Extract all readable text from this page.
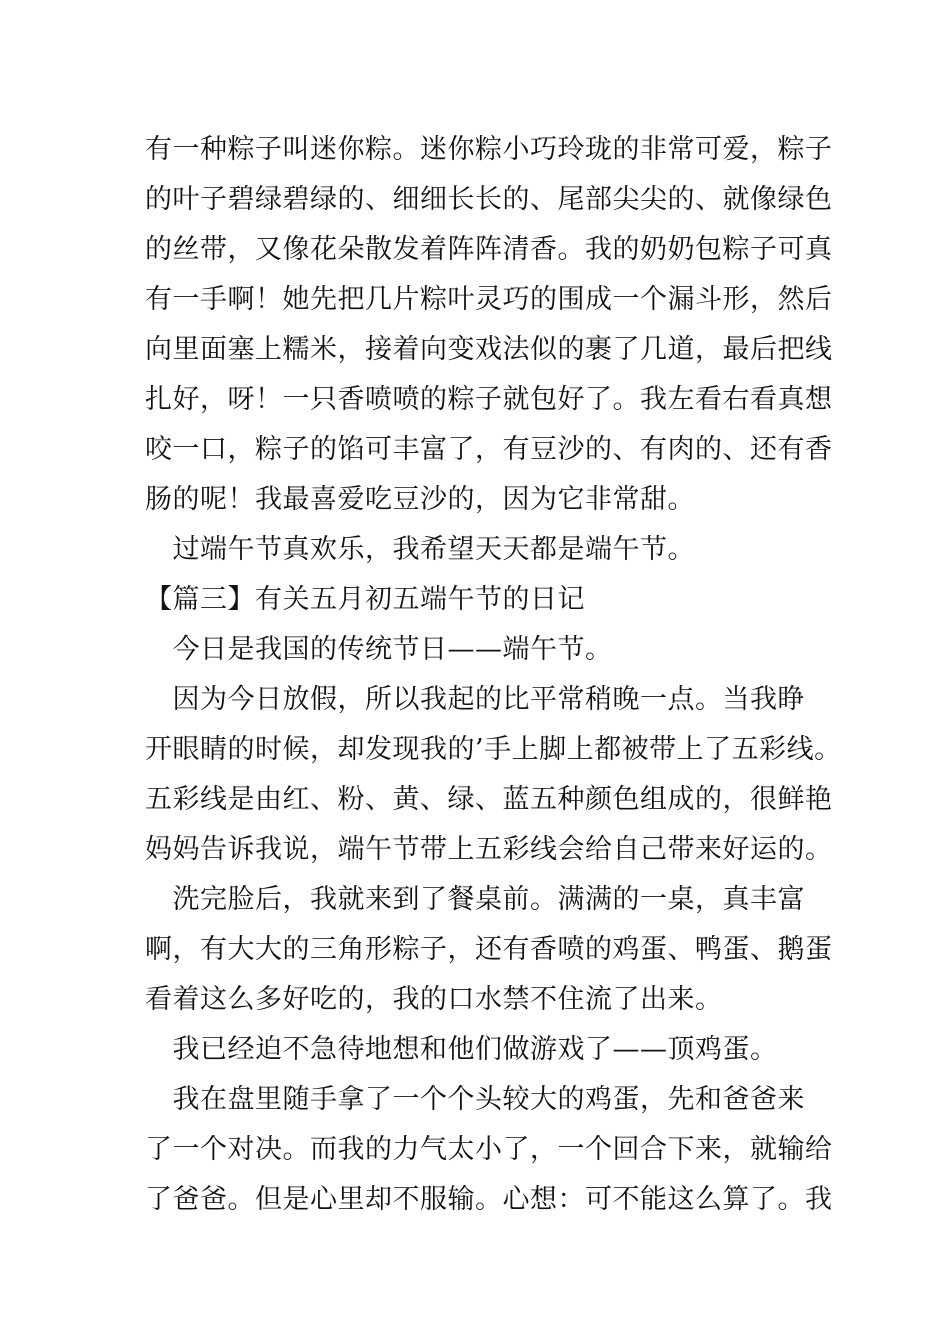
有一种粽子叫迷你粽。迷你粽小巧玲珑的非常可爱，粽子
的叶子碧绿碧绿的、细细长长的、尾部尖尖的、就像绿色
的丝带，又像花朵散发着阵阵清香。我的奶奶包粽子可真
有一手啊！她先把几片粽叶灵巧的围成一个漏斗形，然后
向里面塞上糯米，接着向变戏法似的裹了几道，最后把线
扎好，呀！一只香喷喷的粽子就包好了。我左看右看真想
咬一口，粽子的馅可丰富了，有豆沙的、有肉的、还有香
肠的呢！我最喜爱吃豆沙的，因为它非常甜。
　过端午节真欢乐，我希望天天都是端午节。
【篇三】有关五月初五端午节的日记
　今日是我国的传统节日——端午节。
　因为今日放假，所以我起的比平常稍晚一点。当我睁
开眼睛的时候，却发现我的’手上脚上都被带上了五彩线。
五彩线是由红、粉、黄、绿、蓝五种颜色组成的，很鲜艳
妈妈告诉我说，端午节带上五彩线会给自己带来好运的。
　洗完脸后，我就来到了餐桌前。满满的一桌，真丰富
啊，有大大的三角形粽子，还有香喷的鸡蛋、鸭蛋、鹅蛋
看着这么多好吃的，我的口水禁不住流了出来。
　我已经迫不急待地想和他们做游戏了——顶鸡蛋。
　我在盘里随手拿了一个个头较大的鸡蛋，先和爸爸来
了一个对决。而我的力气太小了，一个回合下来，就输给
了爸爸。但是心里却不服输。心想：可不能这么算了。我
